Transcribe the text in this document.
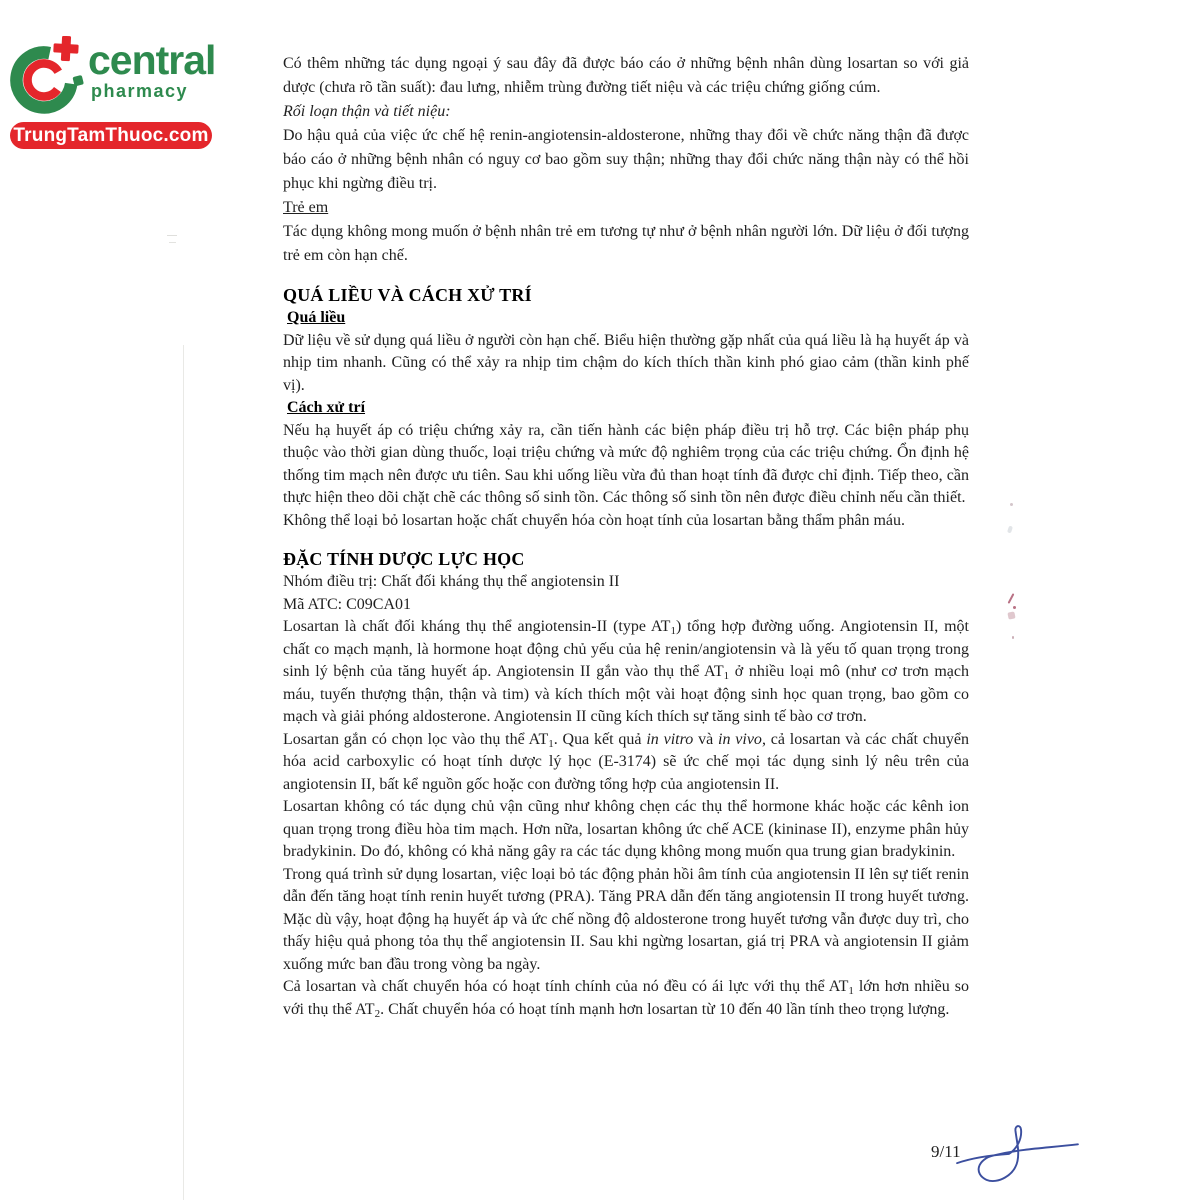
central
pharmacy
TrungTamThuoc.com
Có thêm những tác dụng ngoại ý sau đây đã được báo cáo ở những bệnh nhân dùng losartan so với giả dược (chưa rõ tần suất): đau lưng, nhiễm trùng đường tiết niệu và các triệu chứng giống cúm.
Rối loạn thận và tiết niệu:
Do hậu quả của việc ức chế hệ renin-angiotensin-aldosterone, những thay đổi về chức năng thận đã được báo cáo ở những bệnh nhân có nguy cơ bao gồm suy thận; những thay đổi chức năng thận này có thể hồi phục khi ngừng điều trị.
Trẻ em
Tác dụng không mong muốn ở bệnh nhân trẻ em tương tự như ở bệnh nhân người lớn. Dữ liệu ở đối tượng trẻ em còn hạn chế.
QUÁ LIỀU VÀ CÁCH XỬ TRÍ
Quá liều
Dữ liệu về sử dụng quá liều ở người còn hạn chế. Biểu hiện thường gặp nhất của quá liều là hạ huyết áp và nhịp tim nhanh. Cũng có thể xảy ra nhịp tim chậm do kích thích thần kinh phó giao cảm (thần kinh phế vị).
Cách xử trí
Nếu hạ huyết áp có triệu chứng xảy ra, cần tiến hành các biện pháp điều trị hỗ trợ. Các biện pháp phụ thuộc vào thời gian dùng thuốc, loại triệu chứng và mức độ nghiêm trọng của các triệu chứng. Ổn định hệ thống tim mạch nên được ưu tiên. Sau khi uống liều vừa đủ than hoạt tính đã được chỉ định. Tiếp theo, cần thực hiện theo dõi chặt chẽ các thông số sinh tồn. Các thông số sinh tồn nên được điều chỉnh nếu cần thiết.
Không thể loại bỏ losartan hoặc chất chuyển hóa còn hoạt tính của losartan bằng thẩm phân máu.
ĐẶC TÍNH DƯỢC LỰC HỌC
Nhóm điều trị: Chất đối kháng thụ thể angiotensin II
Mã ATC: C09CA01
Losartan là chất đối kháng thụ thể angiotensin-II (type $AT_1$) tổng hợp đường uống. Angiotensin II, một chất co mạch mạnh, là hormone hoạt động chủ yếu của hệ renin/angiotensin và là yếu tố quan trọng trong sinh lý bệnh của tăng huyết áp. Angiotensin II gắn vào thụ thể $AT_1$ ở nhiều loại mô (như cơ trơn mạch máu, tuyến thượng thận, thận và tim) và kích thích một vài hoạt động sinh học quan trọng, bao gồm co mạch và giải phóng aldosterone. Angiotensin II cũng kích thích sự tăng sinh tế bào cơ trơn.
Losartan gắn có chọn lọc vào thụ thể $AT_1$. Qua kết quả in vitro và in vivo, cả losartan và các chất chuyển hóa acid carboxylic có hoạt tính dược lý học (E-3174) sẽ ức chế mọi tác dụng sinh lý nêu trên của angiotensin II, bất kể nguồn gốc hoặc con đường tổng hợp của angiotensin II.
Losartan không có tác dụng chủ vận cũng như không chẹn các thụ thể hormone khác hoặc các kênh ion quan trọng trong điều hòa tim mạch. Hơn nữa, losartan không ức chế ACE (kininase II), enzyme phân hủy bradykinin. Do đó, không có khả năng gây ra các tác dụng không mong muốn qua trung gian bradykinin.
Trong quá trình sử dụng losartan, việc loại bỏ tác động phản hồi âm tính của angiotensin II lên sự tiết renin dẫn đến tăng hoạt tính renin huyết tương (PRA). Tăng PRA dẫn đến tăng angiotensin II trong huyết tương. Mặc dù vậy, hoạt động hạ huyết áp và ức chế nồng độ aldosterone trong huyết tương vẫn được duy trì, cho thấy hiệu quả phong tỏa thụ thể angiotensin II. Sau khi ngừng losartan, giá trị PRA và angiotensin II giảm xuống mức ban đầu trong vòng ba ngày.
Cả losartan và chất chuyển hóa có hoạt tính chính của nó đều có ái lực với thụ thể $AT_1$ lớn hơn nhiều so với thụ thể $AT_2$. Chất chuyển hóa có hoạt tính mạnh hơn losartan từ 10 đến 40 lần tính theo trọng lượng.
9/11
